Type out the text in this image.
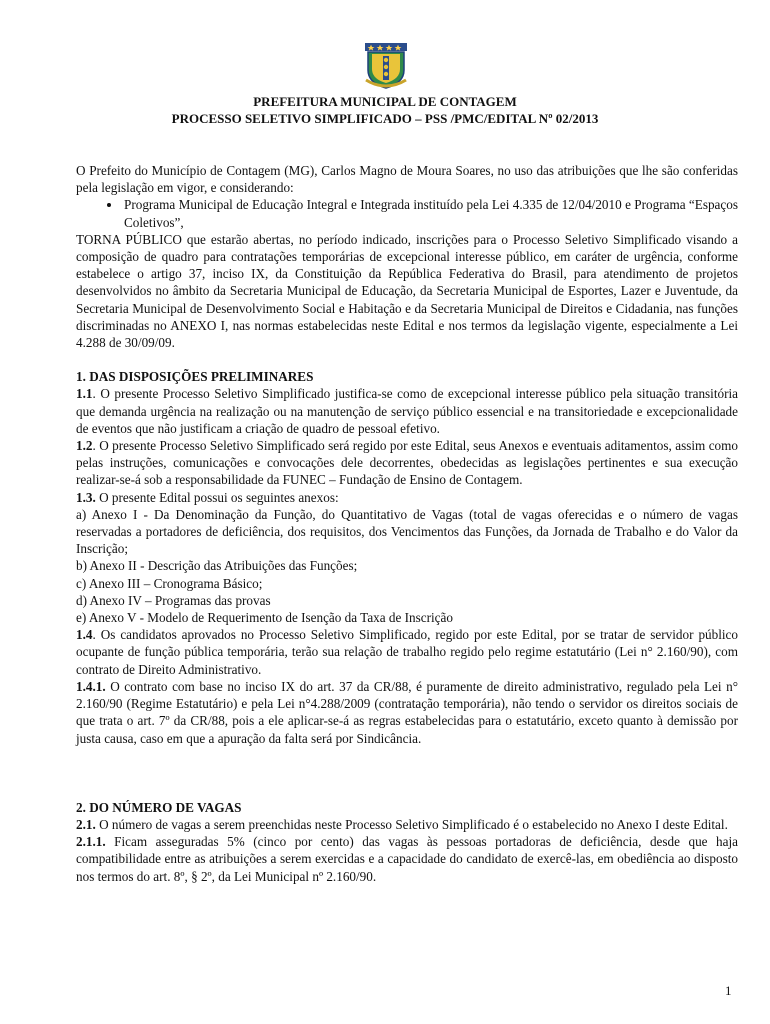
PREFEITURA MUNICIPAL DE CONTAGEM
PROCESSO SELETIVO SIMPLIFICADO – PSS /PMC/EDITAL Nº 02/2013

O Prefeito do Município de Contagem (MG), Carlos Magno de Moura Soares, no uso das atribuições que lhe são conferidas pela legislação em vigor, e considerando:

• Programa Municipal de Educação Integral e Integrada instituído pela Lei 4.335 de 12/04/2010 e Programa “Espaços Coletivos”,

TORNA PÚBLICO que estarão abertas, no período indicado, inscrições para o Processo Seletivo Simplificado visando a composição de quadro para contratações temporárias de excepcional interesse público, em caráter de urgência, conforme estabelece o artigo 37, inciso IX, da Constituição da República Federativa do Brasil, para atendimento de projetos desenvolvidos no âmbito da Secretaria Municipal de Educação, da Secretaria Municipal de Esportes, Lazer e Juventude, da Secretaria Municipal de Desenvolvimento Social e Habitação e da Secretaria Municipal de Direitos e Cidadania, nas funções discriminadas no ANEXO I, nas normas estabelecidas neste Edital e nos termos da legislação vigente, especialmente a Lei 4.288 de 30/09/09.

1. DAS DISPOSIÇÕES PRELIMINARES

1.1. O presente Processo Seletivo Simplificado justifica-se como de excepcional interesse público pela situação transitória que demanda urgência na realização ou na manutenção de serviço público essencial e na transitoriedade e excepcionalidade de eventos que não justificam a criação de quadro de pessoal efetivo.

1.2. O presente Processo Seletivo Simplificado será regido por este Edital, seus Anexos e eventuais aditamentos, assim como pelas instruções, comunicações e convocações dele decorrentes, obedecidas as legislações pertinentes e sua execução realizar-se-á sob a responsabilidade da FUNEC – Fundação de Ensino de Contagem.

1.3. O presente Edital possui os seguintes anexos:

a) Anexo I - Da Denominação da Função, do Quantitativo de Vagas (total de vagas oferecidas e o número de vagas reservadas a portadores de deficiência, dos requisitos, dos Vencimentos das Funções, da Jornada de Trabalho e do Valor da Inscrição;

b) Anexo II - Descrição das Atribuições das Funções;

c) Anexo III – Cronograma Básico;

d) Anexo IV – Programas das provas

e) Anexo V - Modelo de Requerimento de Isenção da Taxa de Inscrição

1.4. Os candidatos aprovados no Processo Seletivo Simplificado, regido por este Edital, por se tratar de servidor público ocupante de função pública temporária, terão sua relação de trabalho regido pelo regime estatutário (Lei n° 2.160/90), com contrato de Direito Administrativo.

1.4.1. O contrato com base no inciso IX do art. 37 da CR/88, é puramente de direito administrativo, regulado pela Lei n° 2.160/90 (Regime Estatutário) e pela Lei n°4.288/2009 (contratação temporária), não tendo o servidor os direitos sociais de que trata o art. 7º da CR/88, pois a ele aplicar-se-á as regras estabelecidas para o estatutário, exceto quanto à demissão por justa causa, caso em que a apuração da falta será por Sindicância.

2. DO NÚMERO DE VAGAS

2.1. O número de vagas a serem preenchidas neste Processo Seletivo Simplificado é o estabelecido no Anexo I deste Edital.

2.1.1. Ficam asseguradas 5% (cinco por cento) das vagas às pessoas portadoras de deficiência, desde que haja compatibilidade entre as atribuições a serem exercidas e a capacidade do candidato de exercê-las, em obediência ao disposto nos termos do art. 8º, § 2º, da Lei Municipal nº 2.160/90.

1
